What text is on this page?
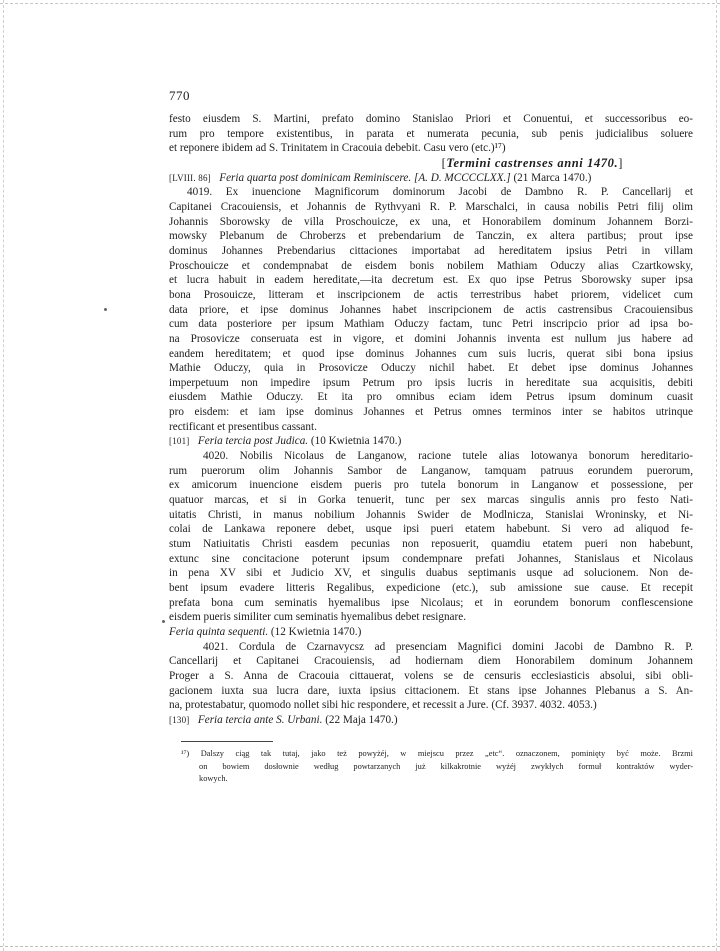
770
festo eiusdem S. Martini, prefato domino Stanislao Priori et Conuentui, et successoribus eo-
rum pro tempore existentibus, in parata et numerata pecunia, sub penis judicialibus soluere
et reponere ibidem ad S. Trinitatem in Cracouia debebit. Casu vero (etc.)¹⁷)
[Termini castrenses anni 1470.]
[LVIII. 86] Feria quarta post dominicam Reminiscere. [A. D. MCCCCLXX.] (21 Marca 1470.)
4019. Ex inuencione Magnificorum dominorum Jacobi de Dambno R. P. Cancellarij et
Capitanei Cracouiensis, et Johannis de Rythvyani R. P. Marschalci, in causa nobilis Petri filij olim
Johannis Sborowsky de villa Proschouicze, ex una, et Honorabilem dominum Johannem Borzi-
mowsky Plebanum de Chroberzs et prebendarium de Tanczin, ex altera partibus; prout ipse
dominus Johannes Prebendarius cittaciones importabat ad hereditatem ipsius Petri in villam
Proschouicze et condempnabat de eisdem bonis nobilem Mathiam Oduczy alias Czartkowsky,
et lucra habuit in eadem hereditate,—ita decretum est. Ex quo ipse Petrus Sborowsky super ipsa
bona Prosouicze, litteram et inscripcionem de actis terrestribus habet priorem, videlicet cum
data priore, et ipse dominus Johannes habet inscripcionem de actis castrensibus Cracouiensibus
cum data posteriore per ipsum Mathiam Oduczy factam, tunc Petri inscripcio prior ad ipsa bo-
na Prosovicze conseruata est in vigore, et domini Johannis inventa est nullum jus habere ad
eandem hereditatem; et quod ipse dominus Johannes cum suis lucris, querat sibi bona ipsius
Mathie Oduczy, quia in Prosovicze Oduczy nichil habet. Et debet ipse dominus Johannes
imperpetuum non impedire ipsum Petrum pro ipsis lucris in hereditate sua acquisitis, debiti
eiusdem Mathie Oduczy. Et ita pro omnibus eciam idem Petrus ipsum dominum cuasit
pro eisdem: et iam ipse dominus Johannes et Petrus omnes terminos inter se habitos utrinque
rectificant et presentibus cassant.
[101] Feria tercia post Judica. (10 Kwietnia 1470.)
4020. Nobilis Nicolaus de Langanow, racione tutele alias lotowanya bonorum hereditario-
rum puerorum olim Johannis Sambor de Langanow, tamquam patruus eorundem puerorum,
ex amicorum inuencione eisdem pueris pro tutela bonorum in Langanow et possessione, per
quatuor marcas, et si in Gorka tenuerit, tunc per sex marcas singulis annis pro festo Nati-
uitatis Christi, in manus nobilium Johannis Swider de Modlnicza, Stanislai Wroninsky, et Ni-
colai de Lankawa reponere debet, usque ipsi pueri etatem habebunt. Si vero ad aliquod fe-
stum Natiuitatis Christi easdem pecunias non reposuerit, quamdiu etatem pueri non habebunt,
extunc sine concitacione poterunt ipsum condempnare prefati Johannes, Stanislaus et Nicolaus
in pena XV sibi et Judicio XV, et singulis duabus septimanis usque ad solucionem. Non de-
bent ipsum evadere litteris Regalibus, expedicione (etc.), sub amissione sue cause. Et recepit
prefata bona cum seminatis hyemalibus ipse Nicolaus; et in eorundem bonorum conflescensione
eisdem pueris similiter cum seminatis hyemalibus debet resignare.
Feria quinta sequenti. (12 Kwietnia 1470.)
4021. Cordula de Czarnavycsz ad presenciam Magnifici domini Jacobi de Dambno R. P.
Cancellarij et Capitanei Cracouiensis, ad hodiernam diem Honorabilem dominum Johannem
Proger a S. Anna de Cracouia cittauerat, volens se de censuris ecclesiasticis absolui, sibi obli-
gacionem iuxta sua lucra dare, iuxta ipsius cittacionem. Et stans ipse Johannes Plebanus a S. An-
na, protestabatur, quomodo nollet sibi hic respondere, et recessit a Jure. (Cf. 3937. 4032. 4053.)
[130] Feria tercia ante S. Urbani. (22 Maja 1470.)
¹⁷) Dalszy ciąg tak tutaj, jako też powyżéj, w miejscu przez „etc“. oznaczonem, pominięty być może. Brzmi
on bowiem dosłownie według powtarzanych już kilkakrotnie wyżéj zwykłych formuł kontraktów wyder-
kowych.
